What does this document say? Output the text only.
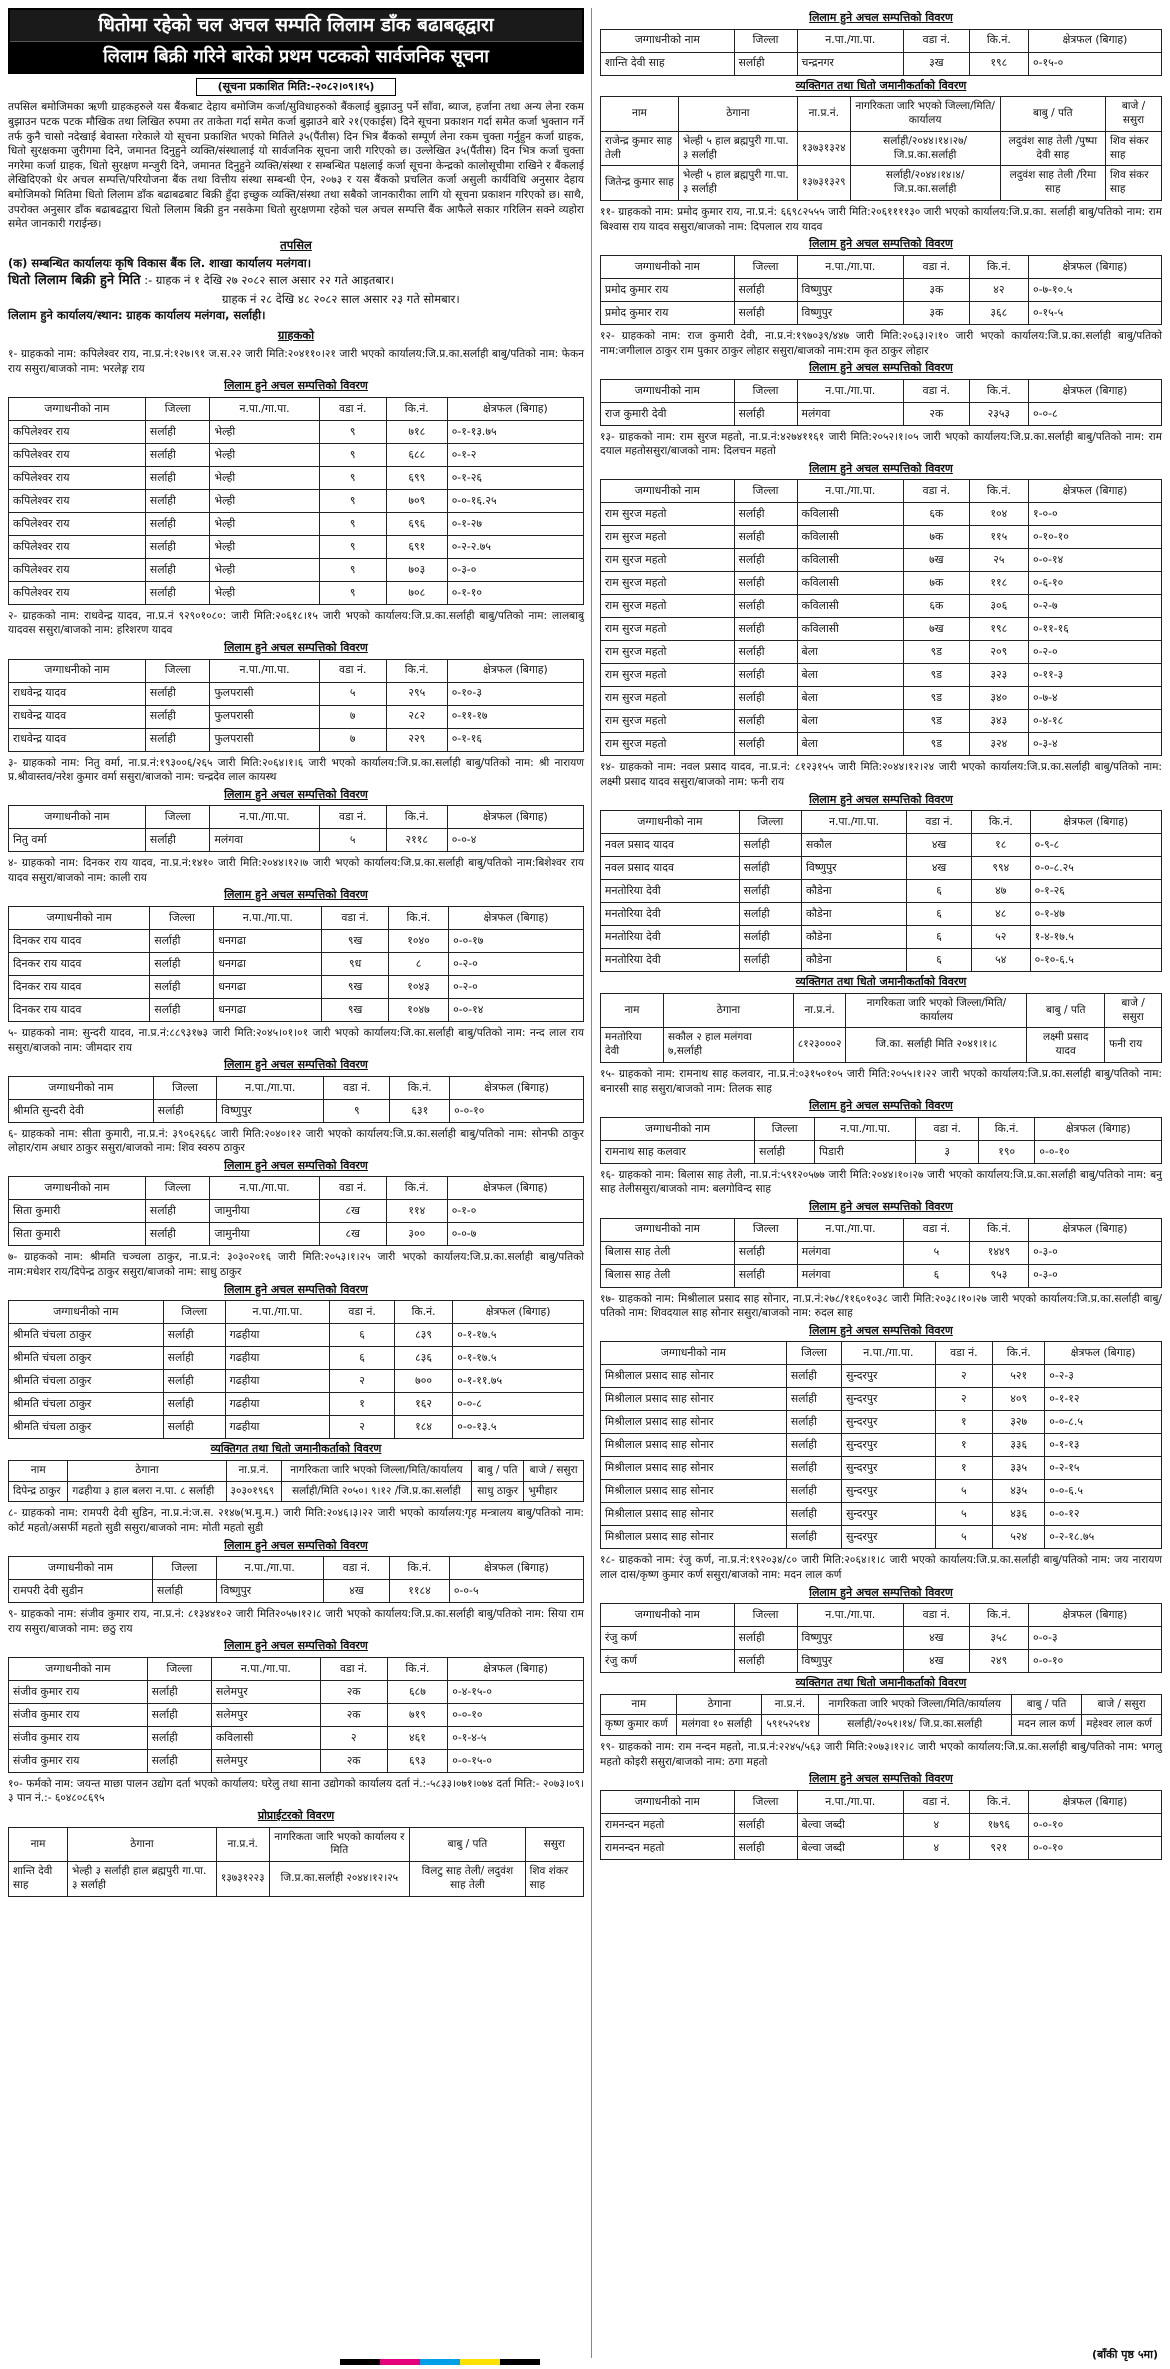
धितोमा रहेको चल अचल सम्पति लिलाम डाँक बढाबढ्द्वारा
लिलाम बिक्री गरिने बारेको प्रथम पटकको सार्वजनिक सूचना
(सूचना प्रकाशित मिति:-२०८२।०९।१५)

तपसिल बमोजिमका ऋणी ग्राहकहरुले यस बैंकबाट देहाय बमोजिम कर्जा/सुविधाहरुको बैंकलाई बुझाउनु पर्ने साँवा, ब्याज, हर्जाना तथा अन्य लेना रकम बुझाउन पटक पटक मौखिक तथा लिखित रुपमा तर ताकेता गर्दा समेत कर्जा बुझाउने बारे २१(एकाईस) दिने सूचना प्रकाशन गर्दा समेत कर्जा भुक्तान गर्ने तर्फ कुनै चासो नदेखाई बेवास्ता गरेकाले यो सूचना प्रकाशित भएको मितिले ३५(पैंतीस) दिन भित्र बैंकको सम्पूर्ण लेना रकम चुक्ता गर्नुहुन कर्जा ग्राहक, धितो सुरक्षकमा जुरीगमा दिने, जमानत दिनुहुने व्यक्ति/संस्थालाई यो सार्वजनिक सूचना जारी गरिएको छ। उल्लेखित ३५(पैंतीस) दिन भित्र कर्जा चुक्ता नगरेमा कर्जा ग्राहक, धितो सुरक्षण मन्जुरी दिने, जमानत दिनुहुने व्यक्ति/संस्था र सम्बन्धित पक्षलाई कर्जा सूचना केन्द्रको कालोसूचीमा राखिने र बैंकलाई लेखिदिएको धेर अचल सम्पत्ति/परियोजना बैंक तथा वित्तीय संस्था सम्बन्धी ऐन, २०७३ र यस बैंकको प्रचलित कर्जा असुली कार्यविधि अनुसार देहाय बमोजिमको मितिमा धितो लिलाम डाँक बढाबढबाट बिक्री हुँदा इच्छुक व्यक्ति/संस्था तथा सबैको जानकारीका लागि यो सूचना प्रकाशन गरिएको छ। साथै, उपरोक्त अनुसार डाँक बढाबढद्वारा धितो लिलाम बिक्री हुन नसकेमा धितो सुरक्षणमा रहेको चल अचल सम्पत्ति बैंक आफैले सकार गरिलिन सक्ने व्यहोरा समेत जानकारी गराईन्छ।

तपसिल
(क) सम्बन्धित कार्यालयः कृषि विकास बैंक लि. शाखा कार्यालय मलंगवा।
धितो लिलाम बिक्री हुने मिति :- ग्राहक नं १ देखि २७ २०८२ साल असार २२ गते आइतबार।
ग्राहक नं २८ देखि ४८ २०८२ साल असार २३ गते सोमबार।
लिलाम हुने कार्यालय/स्थान: ग्राहक कार्यालय मलंगवा, सर्लाही।
ग्राहकको

१- ग्राहकको नाम: कपिलेश्वर राय, ना.प्र.नं:१२७।९१ ज.स.२२ जारी मिति:२०४११०।२१ जारी भएको कार्यालय:जि.प्र.का.सर्लाही बाबु/पतिको नाम: फेकन राय ससुरा/बाजको नाम: भरलेङ्ग राय

लिलाम हुने अचल सम्पत्तिको विवरण
जग्गाधनीको नाम	जिल्ला	न.पा./गा.पा.	वडा नं.	कि.नं.	क्षेत्रफल (बिगाह)
कपिलेश्वर राय	सर्लाही	भेल्ही	९	७१८	०-१-१३.७५
कपिलेश्वर राय	सर्लाही	भेल्ही	९	६८८	०-१-२
कपिलेश्वर राय	सर्लाही	भेल्ही	९	६९९	०-१-२६
कपिलेश्वर राय	सर्लाही	भेल्ही	९	७०९	०-०-१६.२५
कपिलेश्वर राय	सर्लाही	भेल्ही	९	६९६	०-१-२७
कपिलेश्वर राय	सर्लाही	भेल्ही	९	६९१	०-२-२.७५
कपिलेश्वर राय	सर्लाही	भेल्ही	९	७०३	०-३-०
कपिलेश्वर राय	सर्लाही	भेल्ही	९	७०८	०-१-१०

२- ग्राहकको नाम: राधवेन्द्र यादव, ना.प्र.नं ९२९०१०८०: जारी मिति:२०६१८।१५ जारी भएको कार्यालय:जि.प्र.का.सर्लाही बाबु/पतिको नाम: लालबाबु यादवस ससुरा/बाजको नाम: हरिशरण यादव

लिलाम हुने अचल सम्पत्तिको विवरण
जग्गाधनीको नाम	जिल्ला	न.पा./गा.पा.	वडा नं.	कि.नं.	क्षेत्रफल (बिगाह)
राधवेन्द्र यादव	सर्लाही	फुलपरासी	५	२९५	०-१०-३
राधवेन्द्र यादव	सर्लाही	फुलपरासी	७	२८२	०-११-१७
राधवेन्द्र यादव	सर्लाही	फुलपरासी	७	२२९	०-१-१६

३- ग्राहकको नाम: नितु वर्मा, ना.प्र.नं:१९३००६/२६५ जारी मिति:२०६४।१।६ जारी भएको कार्यालय:जि.प्र.का.सर्लाही बाबु/पतिको नाम: श्री नारायण प्र.श्रीवास्तव/नरेश कुमार वर्मा ससुरा/बाजको नाम: चन्द्रदेव लाल कायस्थ

लिलाम हुने अचल सम्पत्तिको विवरण
जग्गाधनीको नाम	जिल्ला	न.पा./गा.पा.	वडा नं.	कि.नं.	क्षेत्रफल (बिगाह)
नितु वर्मा	सर्लाही	मलंगवा	५	२११८	०-०-४

४- ग्राहकको नाम: दिनकर राय यादव, ना.प्र.नं:१४१० जारी मिति:२०४४।१२।७ जारी भएको कार्यालय:जि.प्र.का.सर्लाही बाबु/पतिको नाम:बिशेश्वर राय यादव ससुरा/बाजको नाम: काली राय

लिलाम हुने अचल सम्पत्तिको विवरण
जग्गाधनीको नाम	जिल्ला	न.पा./गा.पा.	वडा नं.	कि.नं.	क्षेत्रफल (बिगाह)
दिनकर राय यादव	सर्लाही	धनगढा	९ख	१०४०	०-०-१७
दिनकर राय यादव	सर्लाही	धनगढा	९ध	८	०-२-०
दिनकर राय यादव	सर्लाही	धनगढा	९ख	१०४३	०-२-०
दिनकर राय यादव	सर्लाही	धनगढा	९ख	१०४७	०-०-१४

५- ग्राहकको नाम: सुन्दरी यादव, ना.प्र.नं:८८९३१७३ जारी मिति:२०४५।०१।०१ जारी भएको कार्यालय:जि.का.सर्लाही बाबु/पतिको नाम: नन्द लाल राय ससुरा/बाजको नाम: जीमदार राय

लिलाम हुने अचल सम्पत्तिको विवरण
जग्गाधनीको नाम	जिल्ला	न.पा./गा.पा.	वडा नं.	कि.नं.	क्षेत्रफल (बिगाह)
श्रीमति सुन्दरी देवी	सर्लाही	विष्णुपुर	९	६३१	०-०-१०

६- ग्राहकको नाम: सीता कुमारी, ना.प्र.नं: ३९०६२६६८ जारी मिति:२०४०।१२ जारी भएको कार्यालय:जि.प्र.का.सर्लाही बाबु/पतिको नाम: सोनफी ठाकुर लोहार/राम अधार ठाकुर ससुरा/बाजको नाम: शिव स्वरुप ठाकुर

लिलाम हुने अचल सम्पत्तिको विवरण
जग्गाधनीको नाम	जिल्ला	न.पा./गा.पा.	वडा नं.	कि.नं.	क्षेत्रफल (बिगाह)
सिता कुमारी	सर्लाही	जामुनीया	८ख	११४	०-१-०
सिता कुमारी	सर्लाही	जामुनीया	८ख	३००	०-०-७

७- ग्राहकको नाम: श्रीमति चञ्चला ठाकुर, ना.प्र.नं: ३०३०२०१६ जारी मिति:२०५३।१।२५ जारी भएको कार्यालय:जि.प्र.का.सर्लाही बाबु/पतिको नाम:मधेशर राय/दिपेन्द्र ठाकुर ससुरा/बाजको नाम: साधु ठाकुर

लिलाम हुने अचल सम्पत्तिको विवरण
जग्गाधनीको नाम	जिल्ला	न.पा./गा.पा.	वडा नं.	कि.नं.	क्षेत्रफल (बिगाह)
श्रीमति चंचला ठाकुर	सर्लाही	गढहीया	६	८३९	०-१-१७.५
श्रीमति चंचला ठाकुर	सर्लाही	गढहीया	६	८३६	०-१-१७.५
श्रीमति चंचला ठाकुर	सर्लाही	गढहीया	२	७००	०-१-११.७५
श्रीमति चंचला ठाकुर	सर्लाही	गढहीया	१	१६२	०-०-८
श्रीमति चंचला ठाकुर	सर्लाही	गढहीया	२	१८४	०-०-१३.५
व्यक्तिगत तथा धितो जमानीकर्ताको विवरण
नाम	ठेगाना	ना.प्र.नं.	नागरिकता जारि भएको जिल्ला/मिति/कार्यालय	बाबु / पति	बाजे / ससुरा
दिपेन्द्र ठाकुर	गढहीया ३ हाल बलरा न.पा. ८ सर्लाही	३०३०१९६९	सर्लाही/मिति २०५०। ९।१२ /जि.प्र.का.सर्लाही	साधु ठाकुर	भुमीहार

८- ग्राहकको नाम: रामपरी देवी सुडिन, ना.प्र.नं:ज.स. २१४७(भ.मु.म.) जारी मिति:२०४६।३।२२ जारी भएको कार्यालय:गृह मन्त्रालय बाबु/पतिको नाम: कोर्ट महतो/असर्फी महतो सुडी ससुरा/बाजको नाम: मोती महतो सुडी

लिलाम हुने अचल सम्पत्तिको विवरण
जग्गाधनीको नाम	जिल्ला	न.पा./गा.पा.	वडा नं.	कि.नं.	क्षेत्रफल (बिगाह)
रामपरी देवी सुडीन	सर्लाही	विष्णुपुर	४ख	११८४	०-०-५

९- ग्राहकको नाम: संजीव कुमार राय, ना.प्र.नं: ८१३४४१०२ जारी मिति२०५७।१२।८ जारी भएको कार्यालय:जि.प्र.का.सर्लाही बाबु/पतिको नाम: सिया राम राय ससुरा/बाजको नाम: छठु राय

लिलाम हुने अचल सम्पत्तिको विवरण
जग्गाधनीको नाम	जिल्ला	न.पा./गा.पा.	वडा नं.	कि.नं.	क्षेत्रफल (बिगाह)
संजीव कुमार राय	सर्लाही	सलेमपुर	२क	६८७	०-४-१५-०
संजीव कुमार राय	सर्लाही	सलेमपुर	२क	७१९	०-०-१०
संजीव कुमार राय	सर्लाही	कविलासी	२	४६१	०-१-४-५
संजीव कुमार राय	सर्लाही	सलेमपुर	२क	६९३	०-०-१५-०

१०- फर्मको नाम: जयन्त माछा पालन उद्योग दर्ता भएको कार्यालय: घरेलु तथा साना उद्योगको कार्यालय दर्ता नं.:-५८३३।०७१।०७४ दर्ता मिति:- २०७३।०९।३ पान नं.:- ६०४८०८६९५

प्रोप्राईटरको विवरण
नाम	ठेगाना	ना.प्र.नं.	नागरिकता जारि भएको कार्यालय र मिति	बाबु / पति	ससुरा
शान्ति देवी साह	भेल्ही ३ सर्लाही हाल ब्रह्मपुरी गा.पा. ३ सर्लाही	१३७३१२२३	जि.प्र.का.सर्लाही २०४४।१२।२५	विलटु साह तेली/ लदुवंश साह तेली	शिव शंकर साह
लिलाम हुने अचल सम्पत्तिको विवरण
जग्गाधनीको नाम	जिल्ला	न.पा./गा.पा.	वडा नं.	कि.नं.	क्षेत्रफल (बिगाह)
शान्ति देवी साह	सर्लाही	चन्द्रनगर	३ख	१९८	०-१५-०
व्यक्तिगत तथा धितो जमानीकर्ताको विवरण
नाम	ठेगाना	ना.प्र.नं.	नागरिकता जारि भएको जिल्ला/मिति/कार्यालय	बाबु / पति	बाजे / ससुरा
राजेन्द्र कुमार साह तेली	भेल्ही ५ हाल ब्रह्मपुरी गा.पा. ३ सर्लाही	१३७३१३२४	सर्लाही/२०४४।१४।२७/ जि.प्र.का.सर्लाही	लदुवंश साह तेली /पुष्पा देवी साह	शिव संकर साह
जितेन्द्र कुमार साह	भेल्ही ५ हाल ब्रह्मपुरी गा.पा. ३ सर्लाही	१३७३१३२९	सर्लाही/२०४४।१४।४/ जि.प्र.का.सर्लाही	लदुवंश साह तेली /रिमा साह	शिव संकर साह

११- ग्राहकको नाम: प्रमोद कुमार राय, ना.प्र.नं: ६६९८२५५५ जारी मिति:२०६११११३० जारी भएको कार्यालय:जि.प्र.का. सर्लाही बाबु/पतिको नाम: राम बिश्वास राय यादव ससुरा/बाजको नाम: दिपलाल राय यादव

लिलाम हुने अचल सम्पत्तिको विवरण
जग्गाधनीको नाम	जिल्ला	न.पा./गा.पा.	वडा नं.	कि.नं.	क्षेत्रफल (बिगाह)
प्रमोद कुमार राय	सर्लाही	विष्णुपुर	३क	४२	०-७-१०.५
प्रमोद कुमार राय	सर्लाही	विष्णुपुर	३क	३६८	०-१५-५

१२- ग्राहकको नाम: राज कुमारी देवी, ना.प्र.नं:१९७०३९/४४७ जारी मिति:२०६३।२।१० जारी भएको कार्यालय:जि.प्र.का.सर्लाही बाबु/पतिको नाम:जगीलाल ठाकुर राम पुकार ठाकुर लोहार ससुरा/बाजको नाम:राम कृत ठाकुर लोहार

लिलाम हुने अचल सम्पत्तिको विवरण
जग्गाधनीको नाम	जिल्ला	न.पा./गा.पा.	वडा नं.	कि.नं.	क्षेत्रफल (बिगाह)
राज कुमारी देवी	सर्लाही	मलंगवा	२क	२३५३	०-०-८

१३- ग्राहकको नाम: राम सुरज महतो, ना.प्र.नं:४२७४११६१ जारी मिति:२०५२।१।०५ जारी भएको कार्यालय:जि.प्र.का.सर्लाही बाबु/पतिको नाम: राम दयाल महतोससुरा/बाजको नाम: दिलचन महतो

लिलाम हुने अचल सम्पत्तिको विवरण
जग्गाधनीको नाम	जिल्ला	न.पा./गा.पा.	वडा नं.	कि.नं.	क्षेत्रफल (बिगाह)
राम सुरज महतो	सर्लाही	कविलासी	६क	१०४	१-०-०
राम सुरज महतो	सर्लाही	कविलासी	७क	११५	०-१०-१०
राम सुरज महतो	सर्लाही	कविलासी	७ख	२५	०-०-१४
राम सुरज महतो	सर्लाही	कविलासी	७क	११८	०-६-१०
राम सुरज महतो	सर्लाही	कविलासी	६क	३०६	०-२-७
राम सुरज महतो	सर्लाही	कविलासी	७ख	१९८	०-११-१६
राम सुरज महतो	सर्लाही	बेला	९ड	२०९	०-२-०
राम सुरज महतो	सर्लाही	बेला	९ड	३२३	०-११-३
राम सुरज महतो	सर्लाही	बेला	९ड	३४०	०-७-४
राम सुरज महतो	सर्लाही	बेला	९ड	३४३	०-४-१८
राम सुरज महतो	सर्लाही	बेला	९ड	३२४	०-३-४

१४- ग्राहकको नाम: नवल प्रसाद यादव, ना.प्र.नं: ८१२३१५५ जारी मिति:२०४४।१२।२४ जारी भएको कार्यालय:जि.प्र.का.सर्लाही बाबु/पतिको नाम: लक्ष्मी प्रसाद यादव ससुरा/बाजको नाम: फनी राय

लिलाम हुने अचल सम्पत्तिको विवरण
जग्गाधनीको नाम	जिल्ला	न.पा./गा.पा.	वडा नं.	कि.नं.	क्षेत्रफल (बिगाह)
नवल प्रसाद यादव	सर्लाही	सकौल	४ख	१८	०-९-८
नवल प्रसाद यादव	सर्लाही	विष्णुपुर	४ख	९९४	०-०-८.२५
मनतोरिया देवी	सर्लाही	कौडेना	६	४७	०-१-२६
मनतोरिया देवी	सर्लाही	कौडेना	६	४८	०-१-४७
मनतोरिया देवी	सर्लाही	कौडेना	६	५२	१-४-१७.५
मनतोरिया देवी	सर्लाही	कौडेना	६	५४	०-१०-६.५
व्यक्तिगत तथा धितो जमानीकर्ताको विवरण
नाम	ठेगाना	ना.प्र.नं.	नागरिकता जारि भएको जिल्ला/मिति/कार्यालय	बाबु / पति	बाजे / ससुरा
मनतोरिया देवी	सकौल २ हाल मलंगवा ७,सर्लाही	८१२३०००२	जि.का. सर्लाही मिति २०४१।१।८	लक्ष्मी प्रसाद यादव	फनी राय

१५- ग्राहकको नाम: रामनाथ साह कलवार, ना.प्र.नं:०३१५०१०५ जारी मिति:२०५५।१।२२ जारी भएको कार्यालय:जि.प्र.का.सर्लाही बाबु/पतिको नाम: बनारसी साह ससुरा/बाजको नाम: तिलक साह

लिलाम हुने अचल सम्पत्तिको विवरण
जग्गाधनीको नाम	जिल्ला	न.पा./गा.पा.	वडा नं.	कि.नं.	क्षेत्रफल (बिगाह)
रामनाथ साह कलवार	सर्लाही	पिडारी	३	१९०	०-०-१०

१६- ग्राहकको नाम: बिलास साह तेली, ना.प्र.नं:५९१२०५७७ जारी मिति:२०४४।१०।२७ जारी भएको कार्यालय:जि.प्र.का.सर्लाही बाबु/पतिको नाम: बनु साह तेलीससुरा/बाजको नाम: बलगोविन्द साह

लिलाम हुने अचल सम्पत्तिको विवरण
जग्गाधनीको नाम	जिल्ला	न.पा./गा.पा.	वडा नं.	कि.नं.	क्षेत्रफल (बिगाह)
बिलास साह तेली	सर्लाही	मलंगवा	५	१४४९	०-३-०
बिलास साह तेली	सर्लाही	मलंगवा	६	९५३	०-३-०

१७- ग्राहकको नाम: मिश्रीलाल प्रसाद साह सोनार, ना.प्र.नं:२७८/११६०१०३८ जारी मिति:२०३८।१०।२७ जारी भएको कार्यालय:जि.प्र.का.सर्लाही बाबु/पतिको नाम: शिवदयाल साह सोनार ससुरा/बाजको नाम: रुदल साह

लिलाम हुने अचल सम्पत्तिको विवरण
जग्गाधनीको नाम	जिल्ला	न.पा./गा.पा.	वडा नं.	कि.नं.	क्षेत्रफल (बिगाह)
मिश्रीलाल प्रसाद साह सोनार	सर्लाही	सुन्दरपुर	२	५२१	०-२-३
मिश्रीलाल प्रसाद साह सोनार	सर्लाही	सुन्दरपुर	२	४०९	०-१-१२
मिश्रीलाल प्रसाद साह सोनार	सर्लाही	सुन्दरपुर	१	३२७	०-०-८.५
मिश्रीलाल प्रसाद साह सोनार	सर्लाही	सुन्दरपुर	१	३३६	०-१-१३
मिश्रीलाल प्रसाद साह सोनार	सर्लाही	सुन्दरपुर	१	३३५	०-२-१५
मिश्रीलाल प्रसाद साह सोनार	सर्लाही	सुन्दरपुर	५	४३५	०-०-६.५
मिश्रीलाल प्रसाद साह सोनार	सर्लाही	सुन्दरपुर	५	४३६	०-०-१२
मिश्रीलाल प्रसाद साह सोनार	सर्लाही	सुन्दरपुर	५	५२४	०-२-१८.७५

१८- ग्राहकको नाम: रंजु कर्ण, ना.प्र.नं:१९२०३४/८० जारी मिति:२०६४।१।८ जारी भएको कार्यालय:जि.प्र.का.सर्लाही बाबु/पतिको नाम: जय नारायण लाल दास/कृष्ण कुमार कर्ण ससुरा/बाजको नाम: मदन लाल कर्ण

लिलाम हुने अचल सम्पत्तिको विवरण
जग्गाधनीको नाम	जिल्ला	न.पा./गा.पा.	वडा नं.	कि.नं.	क्षेत्रफल (बिगाह)
रंजु कर्ण	सर्लाही	विष्णुपुर	४ख	३५८	०-०-३
रंजु कर्ण	सर्लाही	विष्णुपुर	४ख	२४९	०-०-१०
व्यक्तिगत तथा धितो जमानीकर्ताको विवरण
नाम	ठेगाना	ना.प्र.नं.	नागरिकता जारि भएको जिल्ला/मिति/कार्यालय	बाबु / पति	बाजे / ससुरा
कृष्ण कुमार कर्ण	मलंगवा १० सर्लाही	५९१५२५१४	सर्लाही/२०५१।१४/ जि.प्र.का.सर्लाही	मदन लाल कर्ण	महेश्वर लाल कर्ण

१९- ग्राहकको नाम: राम नन्दन महतो, ना.प्र.नं:२२४५/५६३ जारी मिति:२०७३।१२।८ जारी भएको कार्यालय:जि.प्र.का.सर्लाही बाबु/पतिको नाम: भगलु महतो कोइरी ससुरा/बाजको नाम: ठगा महतो

लिलाम हुने अचल सम्पत्तिको विवरण
जग्गाधनीको नाम	जिल्ला	न.पा./गा.पा.	वडा नं.	कि.नं.	क्षेत्रफल (बिगाह)
रामनन्दन महतो	सर्लाही	बेल्वा जब्दी	४	१७९६	०-०-१०
रामनन्दन महतो	सर्लाही	बेल्वा जब्दी	४	९२१	०-०-१०
(बाँकी पृष्ठ ५मा)
